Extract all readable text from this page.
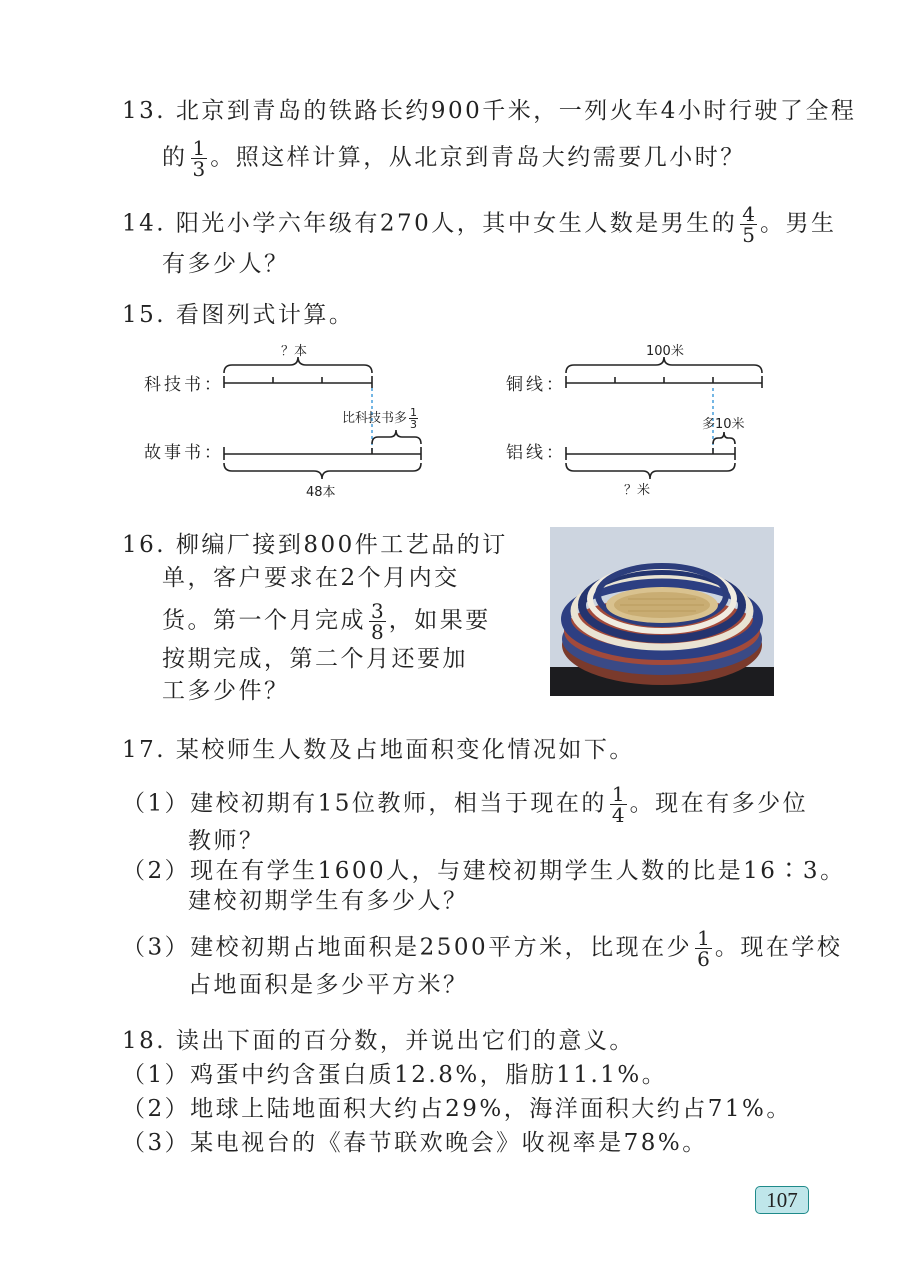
13. 北京到青岛的铁路长约900千米，一列火车4小时行驶了全程
的 $\frac{1}{3}$ 。照这样计算，从北京到青岛大约需要几小时？
14. 阳光小学六年级有270人，其中女生人数是男生的 $\frac{4}{5}$ 。男生
有多少人？
15. 看图列式计算。
科技书：
故事书：
？本
比科技书多 $\frac{1}{3}$
48本
铜线：
铝线：
100米
多10米
？米
16. 柳编厂接到800件工艺品的订
单，客户要求在2个月内交
货。第一个月完成 $\frac{3}{8}$ ，如果要
按期完成，第二个月还要加
工多少件？
17. 某校师生人数及占地面积变化情况如下。
（1）建校初期有15位教师，相当于现在的 $\frac{1}{4}$ 。现在有多少位
教师？
（2）现在有学生1600人，与建校初期学生人数的比是16∶3。
建校初期学生有多少人？
（3）建校初期占地面积是2500平方米，比现在少 $\frac{1}{6}$ 。现在学校
占地面积是多少平方米？
18. 读出下面的百分数，并说出它们的意义。
（1）鸡蛋中约含蛋白质12.8%，脂肪11.1%。
（2）地球上陆地面积大约占29%，海洋面积大约占71%。
（3）某电视台的《春节联欢晚会》收视率是78%。
107
